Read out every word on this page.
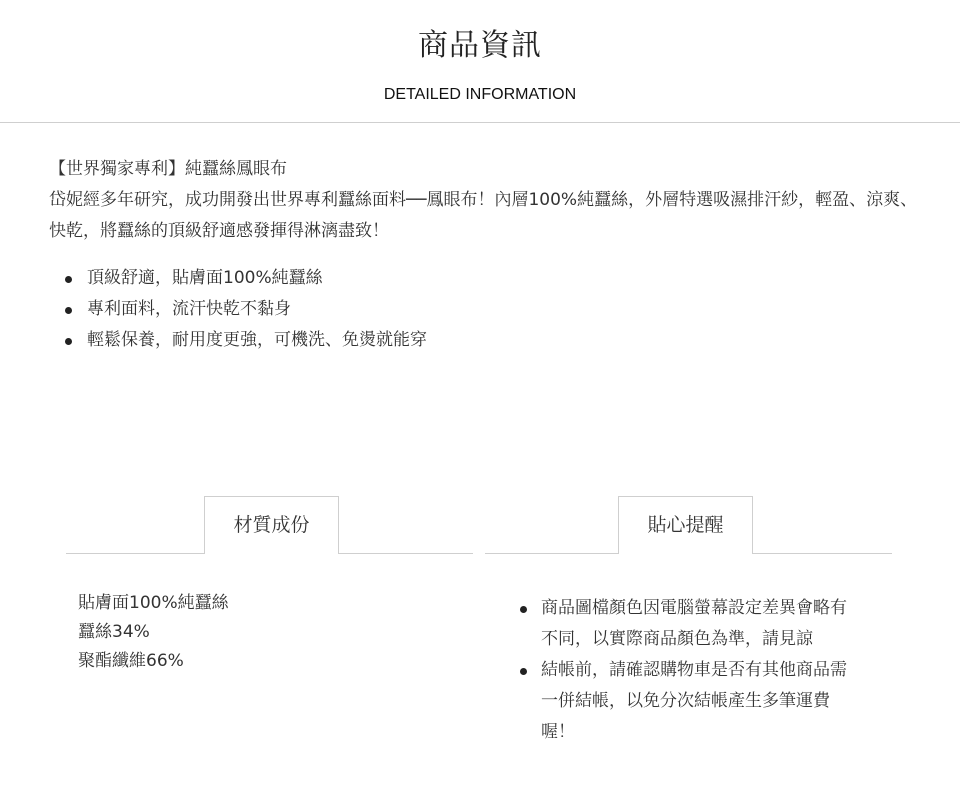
商品資訊
DETAILED INFORMATION

【世界獨家專利】純蠶絲鳳眼布

岱妮經多年研究，成功開發出世界專利蠶絲面料──鳳眼布！內層100%純蠶絲，外層特選吸濕排汗紗，輕盈、涼爽、快乾，將蠶絲的頂級舒適感發揮得淋漓盡致！

頂級舒適，貼膚面100%純蠶絲
專利面料，流汗快乾不黏身
輕鬆保養，耐用度更強，可機洗、免燙就能穿
材質成份
貼膚面100%純蠶絲
蠶絲34%
聚酯纖維66%
貼心提醒
商品圖檔顏色因電腦螢幕設定差異會略有不同，以實際商品顏色為準，請見諒
結帳前，請確認購物車是否有其他商品需一併結帳，以免分次結帳產生多筆運費喔！
